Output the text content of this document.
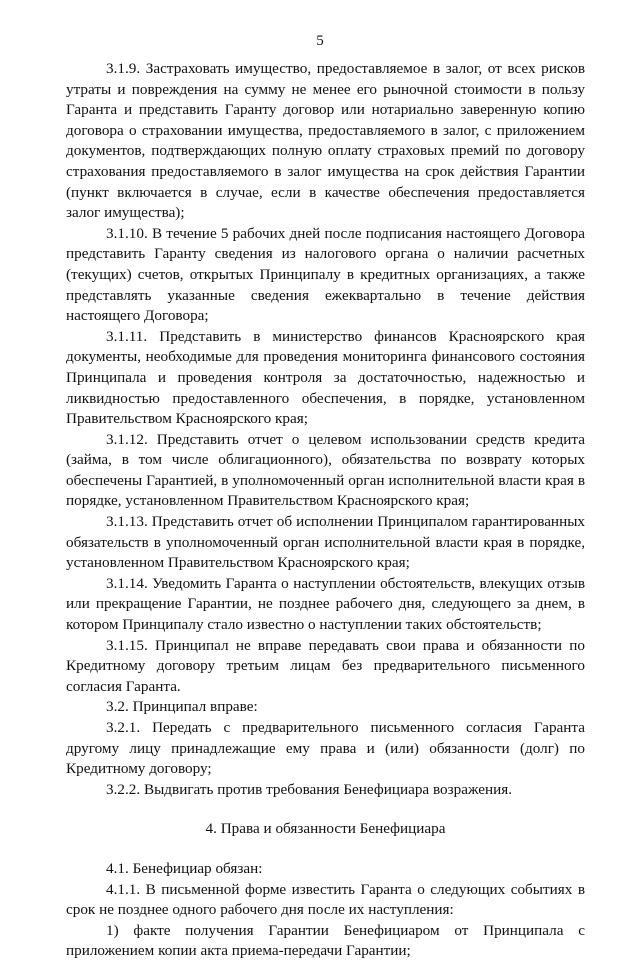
5

3.1.9. Застраховать имущество, предоставляемое в залог, от всех рисков утраты и повреждения на сумму не менее его рыночной стоимости в пользу Гаранта и представить Гаранту договор или нотариально заверенную копию договора о страховании имущества, предоставляемого в залог, с приложением документов, подтверждающих полную оплату страховых премий по договору страхования предоставляемого в залог имущества на срок действия Гарантии (пункт включается в случае, если в качестве обеспечения предоставляется залог имущества);

3.1.10. В течение 5 рабочих дней после подписания настоящего Договора представить Гаранту сведения из налогового органа о наличии расчетных (текущих) счетов, открытых Принципалу в кредитных организациях, а также представлять указанные сведения ежеквартально в течение действия настоящего Договора;

3.1.11. Представить в министерство финансов Красноярского края документы, необходимые для проведения мониторинга финансового состояния Принципала и проведения контроля за достаточностью, надежностью и ликвидностью предоставленного обеспечения, в порядке, установленном Правительством Красноярского края;

3.1.12. Представить отчет о целевом использовании средств кредита (займа, в том числе облигационного), обязательства по возврату которых обеспечены Гарантией, в уполномоченный орган исполнительной власти края в порядке, установленном Правительством Красноярского края;

3.1.13. Представить отчет об исполнении Принципалом гарантированных обязательств в уполномоченный орган исполнительной власти края в порядке, установленном Правительством Красноярского края;

3.1.14. Уведомить Гаранта о наступлении обстоятельств, влекущих отзыв или прекращение Гарантии, не позднее рабочего дня, следующего за днем, в котором Принципалу стало известно о наступлении таких обстоятельств;

3.1.15. Принципал не вправе передавать свои права и обязанности по Кредитному договору третьим лицам без предварительного письменного согласия Гаранта.

3.2. Принципал вправе:

3.2.1. Передать с предварительного письменного согласия Гаранта другому лицу принадлежащие ему права и (или) обязанности (долг) по Кредитному договору;

3.2.2. Выдвигать против требования Бенефициара возражения.

4. Права и обязанности Бенефициара

4.1. Бенефициар обязан:

4.1.1. В письменной форме известить Гаранта о следующих событиях в срок не позднее одного рабочего дня после их наступления:

1) факте получения Гарантии Бенефициаром от Принципала с приложением копии акта приема-передачи Гарантии;
